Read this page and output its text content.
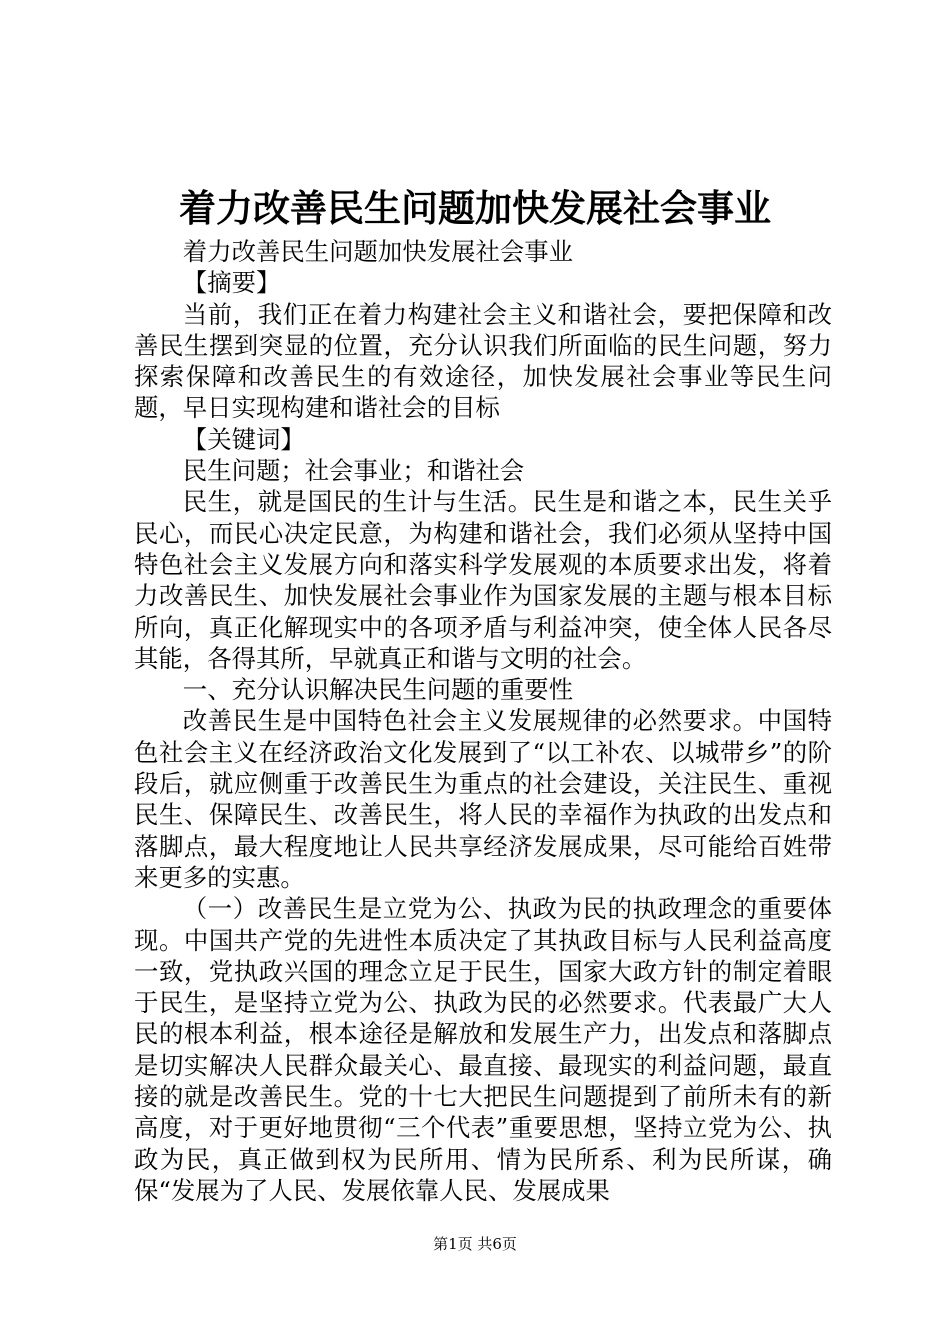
着力改善民生问题加快发展社会事业

着力改善民生问题加快发展社会事业

【摘要】

当前，我们正在着力构建社会主义和谐社会，要把保障和改善民生摆到突显的位置，充分认识我们所面临的民生问题，努力探索保障和改善民生的有效途径，加快发展社会事业等民生问题，早日实现构建和谐社会的目标

【关键词】

民生问题；社会事业；和谐社会

民生，就是国民的生计与生活。民生是和谐之本，民生关乎民心，而民心决定民意，为构建和谐社会，我们必须从坚持中国特色社会主义发展方向和落实科学发展观的本质要求出发，将着力改善民生、加快发展社会事业作为国家发展的主题与根本目标所向，真正化解现实中的各项矛盾与利益冲突，使全体人民各尽其能，各得其所，早就真正和谐与文明的社会。

一、充分认识解决民生问题的重要性

改善民生是中国特色社会主义发展规律的必然要求。中国特色社会主义在经济政治文化发展到了“以工补农、以城带乡”的阶段后，就应侧重于改善民生为重点的社会建设，关注民生、重视民生、保障民生、改善民生，将人民的幸福作为执政的出发点和落脚点，最大程度地让人民共享经济发展成果，尽可能给百姓带来更多的实惠。

（一）改善民生是立党为公、执政为民的执政理念的重要体现。中国共产党的先进性本质决定了其执政目标与人民利益高度一致，党执政兴国的理念立足于民生，国家大政方针的制定着眼于民生，是坚持立党为公、执政为民的必然要求。代表最广大人民的根本利益，根本途径是解放和发展生产力，出发点和落脚点是切实解决人民群众最关心、最直接、最现实的利益问题，最直接的就是改善民生。党的十七大把民生问题提到了前所未有的新高度，对于更好地贯彻“三个代表”重要思想，坚持立党为公、执政为民，真正做到权为民所用、情为民所系、利为民所谋，确保“发展为了人民、发展依靠人民、发展成果

第1页 共6页
